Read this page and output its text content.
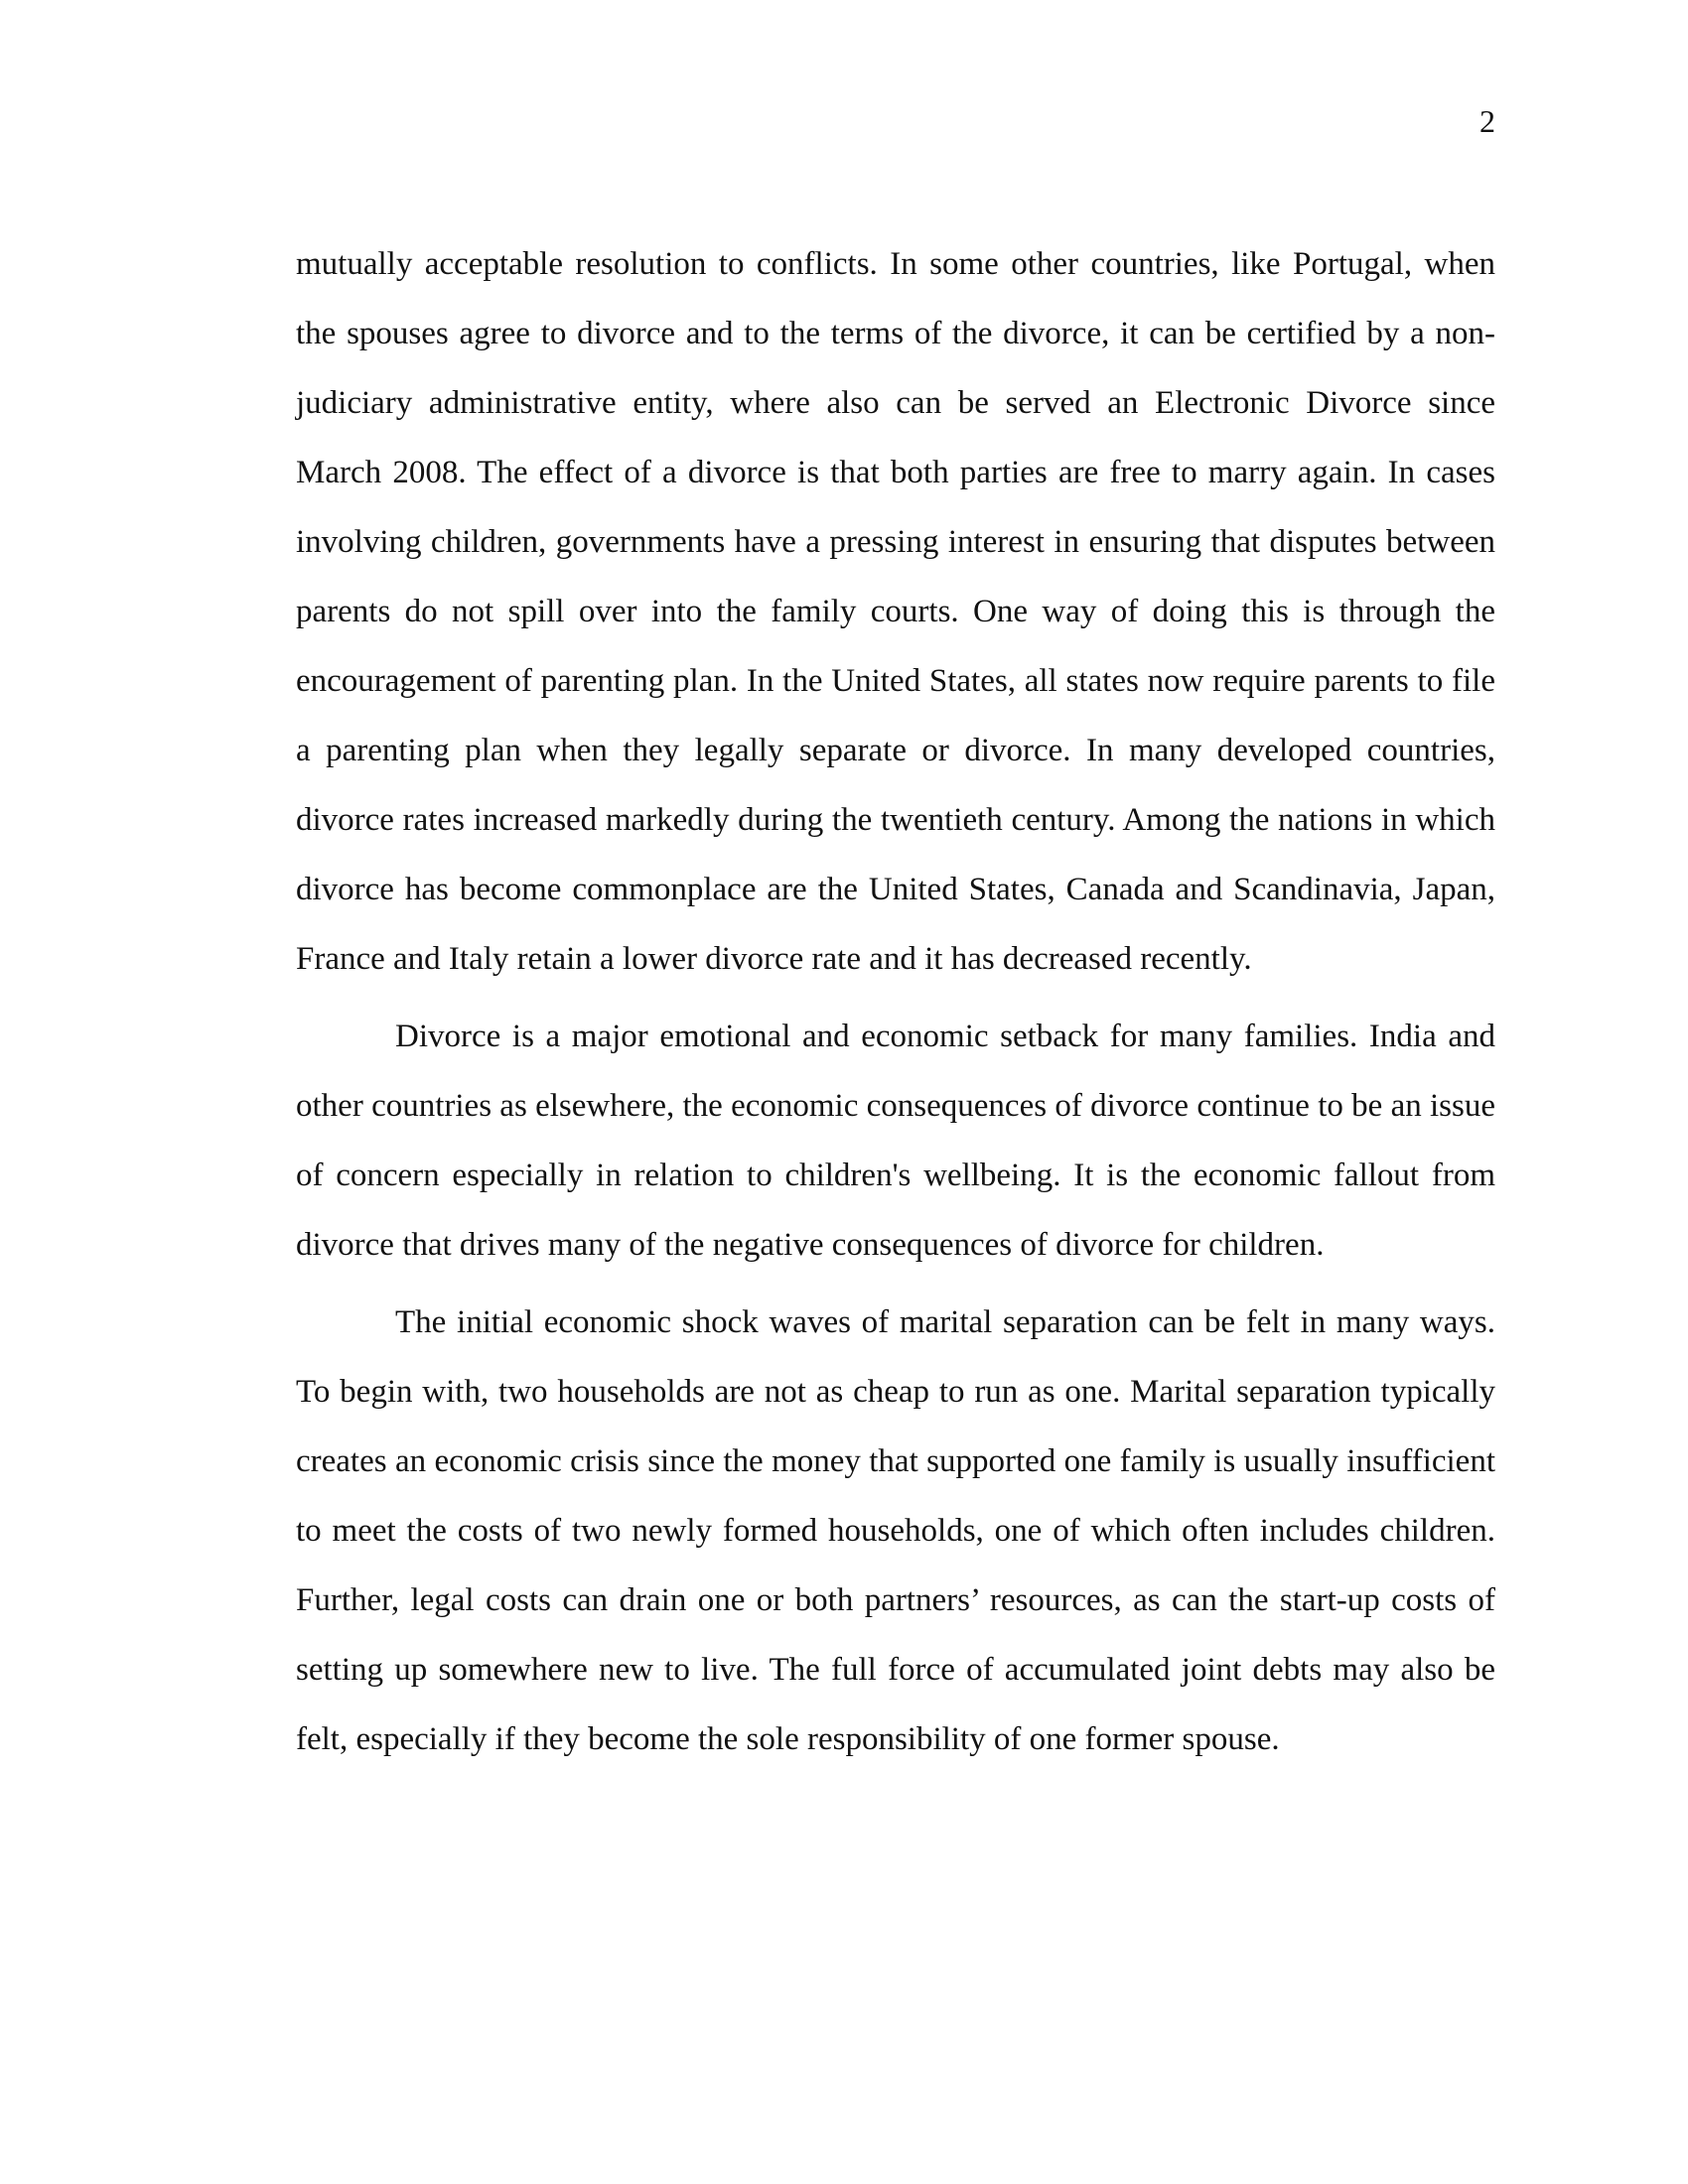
2

mutually acceptable resolution to conflicts. In some other countries, like Portugal, when the spouses agree to divorce and to the terms of the divorce, it can be certified by a non-judiciary administrative entity, where also can be served an Electronic Divorce since March 2008. The effect of a divorce is that both parties are free to marry again. In cases involving children, governments have a pressing interest in ensuring that disputes between parents do not spill over into the family courts. One way of doing this is through the encouragement of parenting plan. In the United States, all states now require parents to file a parenting plan when they legally separate or divorce. In many developed countries, divorce rates increased markedly during the twentieth century. Among the nations in which divorce has become commonplace are the United States, Canada and Scandinavia, Japan, France and Italy retain a lower divorce rate and it has decreased recently.

Divorce is a major emotional and economic setback for many families. India and other countries as elsewhere, the economic consequences of divorce continue to be an issue of concern especially in relation to children's wellbeing. It is the economic fallout from divorce that drives many of the negative consequences of divorce for children.

The initial economic shock waves of marital separation can be felt in many ways. To begin with, two households are not as cheap to run as one. Marital separation typically creates an economic crisis since the money that supported one family is usually insufficient to meet the costs of two newly formed households, one of which often includes children. Further, legal costs can drain one or both partners’ resources, as can the start-up costs of setting up somewhere new to live. The full force of accumulated joint debts may also be felt, especially if they become the sole responsibility of one former spouse.
